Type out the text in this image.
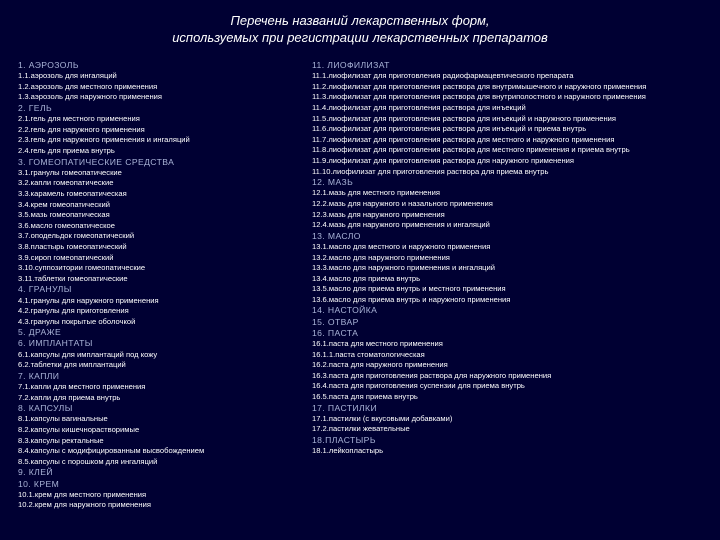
Перечень названий лекарственных форм,
используемых при регистрации лекарственных препаратов
1. АЭРОЗОЛЬ
1.1.аэрозоль для ингаляций
1.2.аэрозоль для местного применения
1.3.аэрозоль для наружного применения
2. ГЕЛЬ
2.1.гель для местного применения
2.2.гель для наружного применения
2.3.гель для наружного применения и ингаляций
2.4.гель для приема внутрь
3. ГОМЕОПАТИЧЕСКИЕ СРЕДСТВА
3.1.гранулы гомеопатические
3.2.капли гомеопатические
3.3.карамель гомеопатическая
3.4.крем гомеопатический
3.5.мазь гомеопатическая
3.6.масло гомеопатическое
3.7.оподельдок гомеопатический
3.8.пластырь гомеопатический
3.9.сироп гомеопатический
3.10.суппозитории гомеопатические
3.11.таблетки гомеопатические
4. ГРАНУЛЫ
4.1.гранулы для наружного применения
4.2.гранулы для приготовления
4.3.гранулы покрытые оболочкой
5. ДРАЖЕ
6. ИМПЛАНТАТЫ
6.1.капсулы для имплантаций под кожу
6.2.таблетки для имплантаций
7. КАПЛИ
7.1.капли для местного применения
7.2.капли для приема внутрь
8. КАПСУЛЫ
8.1.капсулы вагинальные
8.2.капсулы кишечнорастворимые
8.3.капсулы ректальные
8.4.капсулы с модифицированным высвобождением
8.5.капсулы с порошком для ингаляций
9. КЛЕЙ
10. КРЕМ
10.1.крем для местного применения
10.2.крем для наружного применения
11. ЛИОФИЛИЗАТ
11.1.лиофилизат для приготовления радиофармацевтического препарата
11.2.лиофилизат для приготовления раствора для внутримышечного и наружного применения
11.3.лиофилизат для приготовления раствора для внутриполостного и наружного применения
11.4.лиофилизат для приготовления раствора для инъекций
11.5.лиофилизат для приготовления раствора для инъекций и наружного применения
11.6.лиофилизат для приготовления раствора для инъекций и приема внутрь
11.7.лиофилизат для приготовления раствора для местного и наружного применения
11.8.лиофилизат для приготовления раствора для местного применения и приема внутрь
11.9.лиофилизат для приготовления раствора для наружного применения
11.10.лиофилизат для приготовления раствора для приема внутрь
12. МАЗЬ
12.1.мазь для местного применения
12.2.мазь для наружного и назального применения
12.3.мазь для наружного применения
12.4.мазь для наружного применения и ингаляций
13. МАСЛО
13.1.масло для местного и наружного применения
13.2.масло для наружного применения
13.3.масло для наружного применения и ингаляций
13.4.масло для приема внутрь
13.5.масло для приема внутрь и местного применения
13.6.масло для приема внутрь и наружного применения
14. НАСТОЙКА
15. ОТВАР
16. ПАСТА
16.1.паста для местного применения
16.1.1.паста стоматологическая
16.2.паста для наружного применения
16.3.паста для приготовления раствора для наружного применения
16.4.паста для приготовления суспензии для приема внутрь
16.5.паста для приема внутрь
17. ПАСТИЛКИ
17.1.пастилки (с вкусовыми добавками)
17.2.пастилки жевательные
18.ПЛАСТЫРЬ
18.1.лейкопластырь
